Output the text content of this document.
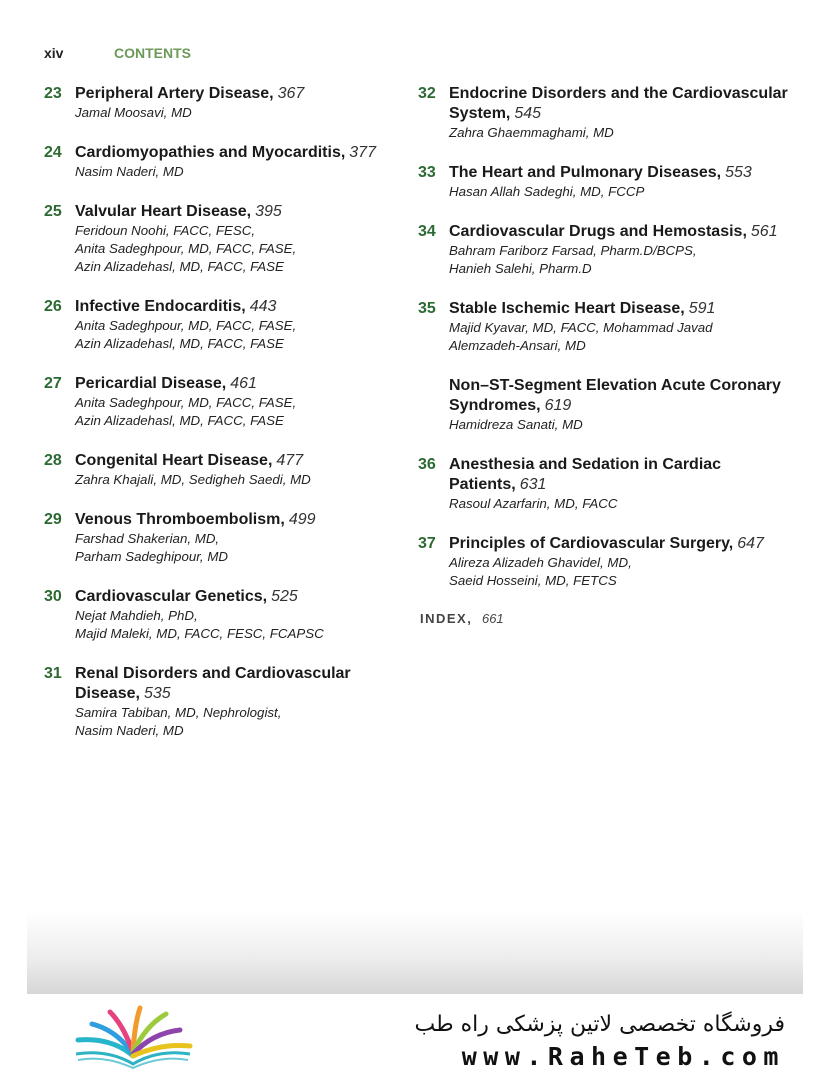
xiv	CONTENTS
23 Peripheral Artery Disease, 367
Jamal Moosavi, MD
24 Cardiomyopathies and Myocarditis, 377
Nasim Naderi, MD
25 Valvular Heart Disease, 395
Feridoun Noohi, FACC, FESC,
Anita Sadeghpour, MD, FACC, FASE,
Azin Alizadehasl, MD, FACC, FASE
26 Infective Endocarditis, 443
Anita Sadeghpour, MD, FACC, FASE,
Azin Alizadehasl, MD, FACC, FASE
27 Pericardial Disease, 461
Anita Sadeghpour, MD, FACC, FASE,
Azin Alizadehasl, MD, FACC, FASE
28 Congenital Heart Disease, 477
Zahra Khajali, MD, Sedigheh Saedi, MD
29 Venous Thromboembolism, 499
Farshad Shakerian, MD,
Parham Sadeghipour, MD
30 Cardiovascular Genetics, 525
Nejat Mahdieh, PhD,
Majid Maleki, MD, FACC, FESC, FCAPSC
31 Renal Disorders and Cardiovascular Disease, 535
Samira Tabiban, MD, Nephrologist,
Nasim Naderi, MD
32 Endocrine Disorders and the Cardiovascular System, 545
Zahra Ghaemmaghami, MD
33 The Heart and Pulmonary Diseases, 553
Hasan Allah Sadeghi, MD, FCCP
34 Cardiovascular Drugs and Hemostasis, 561
Bahram Fariborz Farsad, Pharm.D/BCPS,
Hanieh Salehi, Pharm.D
35 Stable Ischemic Heart Disease, 591
Majid Kyavar, MD, FACC, Mohammad Javad
Alemzadeh-Ansari, MD
Non–ST-Segment Elevation Acute Coronary Syndromes, 619
Hamidreza Sanati, MD
36 Anesthesia and Sedation in Cardiac Patients, 631
Rasoul Azarfarin, MD, FACC
37 Principles of Cardiovascular Surgery, 647
Alireza Alizadeh Ghavidel, MD,
Saeid Hosseini, MD, FETCS
INDEX, 661
فروشگاه تخصصی لاتین پزشکی راه طب
www.RaheTeb.com
